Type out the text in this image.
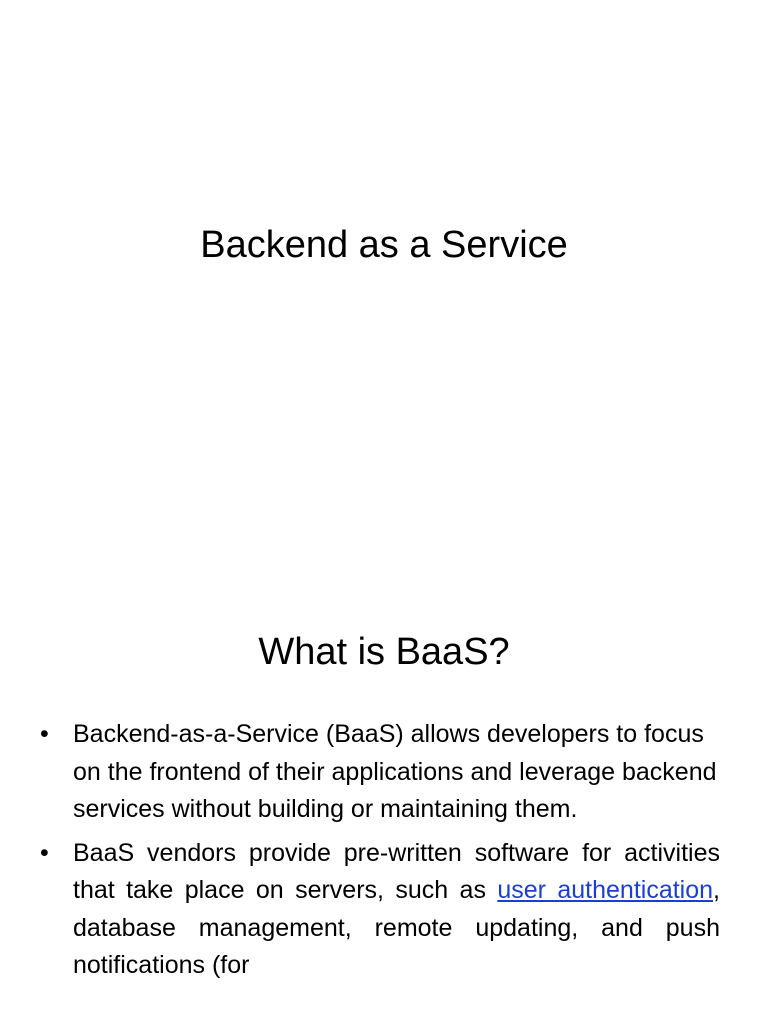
Backend as a Service
What is BaaS?
• Backend-as-a-Service (BaaS) allows developers to focus on the frontend of their applications and leverage backend services without building or maintaining them.
• BaaS vendors provide pre-written software for activities that take place on servers, such as user authentication, database management, remote updating, and push notifications (for
